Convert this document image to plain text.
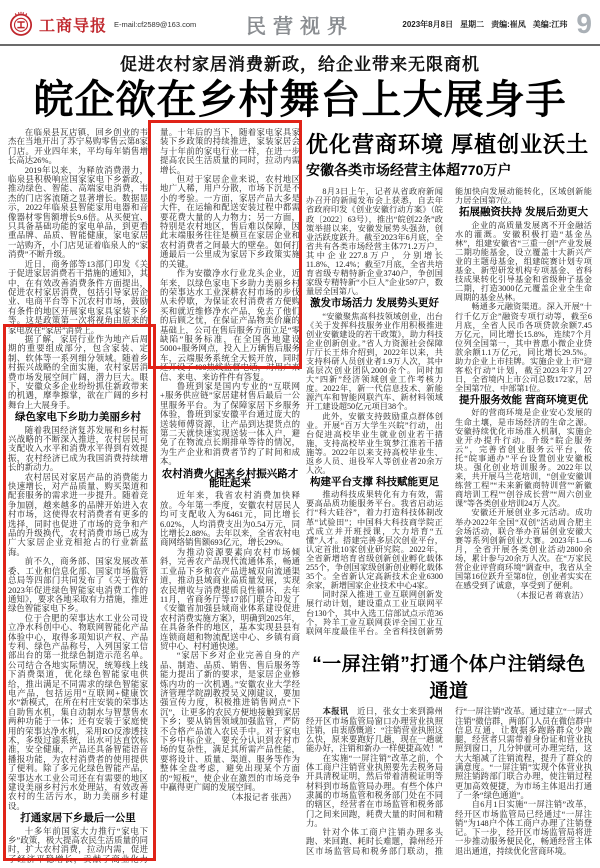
工商导报 E-mail:cf2589@163.com 民营视界	2023年8月8日 星期二 责编:崔凤 美编:江玮 9
促进农村家居消费新政，给企业带来无限商机
皖企欲在乡村舞台上大展身手

在临泉县瓦店镇，回乡创业的韦杰在当地开出了苏宁易购零售云第8家门店。开业四年来，平均每年销售增长高达26%。

2019年以来，为释放消费潜力，临泉县积极响应国家家电下乡新政，推动绿色、智能、高端家电消费，韦杰的门店客流随之显著增长。数据显示，2022年临泉县智能家用电器和音像器材零售额增长9.6倍。从买便宜、只具备基础功能的家电单品，到更看重品牌、品质、智能健康，家电家居一站购齐，小门店见证着临泉人的“家消费”不断升级。

近日，商务部等13部门印发《关于促进家居消费若干措施的通知》，其中，在有效改善消费条件方面提出，促进农村家居消费，包括引导家居企业、电商平台等下沉农村市场，鼓励有条件的地区开展家电家具家装下乡等。这是政策第一次将视角由原来的家电放在“家居”消费上。

据了解，家居行业作为地产后周期的重要组成部分，包含家装、定制、软体等一系列细分领域。随着乡村振兴战略的全面实施，农村家居消费市场发展空间广阔，潜力巨大。眼下，安徽众多企业纷纷抓住新政带来的机遇，摩拳擦掌，欲在广阔的乡村舞台上大展身手。

绿色家电下乡助力美丽乡村

随着我国经济复苏发展和乡村振兴战略的不断深入推进，农村居民可支配收入水平和消费水平得到有效提振，农村经济已成为我国消费持续增长的新动力。

农村居民对家居产品的消费能力快速增长，对产品质量、购买渠道和配套服务的需求进一步提升。随着竞争加剧，越来越多的品牌开始进入农村市场，这使得农村消费者有更多的选择，同时也促进了市场的竞争和产品的升级换代，农村消费市场已成为广大家居企业竞相抢占的行业新蓝海。

前不久，商务部、国家发展改革委、工业和信息化部、国家市场监管总局等四部门共同发布了《关于做好2023年促进绿色智能家电消费工作的通知》，要求各地采取有力措施，推进绿色智能家电下乡。

位于合肥的荣事达水工业公司设立净水科创中心、物联网智能化产品体验中心，取得多项知识产权、产品专利、绿色产品称号，入列国家工信部出台的第一批绿色制造示范名单。公司结合各地实际情况，统筹线上线下消费渠道，优化绿色智能家电供给，推出满足不同需求的绿色智能家电产品，包括运用“互联网+健康饮水”新模式，在所在村庄安装的荣事达自助售水机，集自动制水与智慧售水两种功能于一体；还有安装于家庭使用的荣事达净水机，采用RO反渗透技术，多级过滤系统，出水可达直饮标准，安全健康，产品还具备智能语音播报功能，为农村消费者的使用提供了便利。除了多元化绿色智能产品，荣事达水工业公司还在有需要的地区建设美丽乡村污水处理站，有效改善农村的生活污水，助力美丽乡村建设。

打通家居下乡最后一公里

十多年前国家大力推行“家电下乡”政策，极大提高农民生活质量的同时，扩大农村消费，拉动内需，促进了经济平稳增长，贡献了商业化力量。十年后的当下，随着家电家具家装下乡政策的持续推进，家装家居会与十年前的家电行业一样，在进一步提高农民生活质量的同时，拉动内需增长。

但对于家居企业来说，农村地区地广人稀，用户分散，市场下沉是不小的考验。一方面，家居产品大多是大件，在运输和配送安装过程中都需要花费大量的人力物力；另一方面，特别是农村地区，售后难以保障，因此末端服务往往是横亘在家居企业和农村消费者之间最大的壁垒。如何打通最后一公里成为家居下乡政策实施的关键。

作为安徽净水行业龙头企业，近年来，以绿色家电下乡助力美丽乡村的荣事达水工业深耕农村市场的步伐从未停歇，为保证农村消费者方便购买和就近维修净水产品，免去了他们的后顾之忧，在保证产品物美价廉的基础上，公司在售后服务方面立足“零缺陷”服务标准，在全国各地建设5000+服务网点，投入上万辆售后服务车，云端服务系统全天候开放，同时还开设了400热线监督电话，对用户来信、来电、来访件件有答复。

鲁班到家是国内专业的“互联网+服务供应链”家居建材售后最后一公里服务平台。为了保障家居下乡服务体验，鲁班到家安徽平台通过庞大的送装师傅资源，让产品到达提货点的第二天就快速实现送装一体入户，避免了在物流点长期排单等待的情况，为生产企业和消费者节约了时间和成本。

农村消费火起来乡村振兴路才能旺起来

近年来，我省农村消费加快释放。今年第一季度，安徽农村居民人均可支配收入为6461元，同比增长6.02%，人均消费支出为0.54万元，同比增长2.88%。去年以来，全省农村电商网络销售额693亿元，增长29%。

为推动资源要素向农村市场倾斜，完善农产品现代流通体系，畅通工业品下乡和农产品进城双向流通渠道，推动县域商业高质量发展，实现农民增收与消费提质良性循环，去年11月，省商务厅等17部门联合印发了《安徽省加强县域商业体系建设促进农村消费实施方案》，明确到2025年，在具备条件的地区，基本实现县县有连锁商超和物流配送中心、乡镇有商贸中心、村村通快递。

“家居下乡对企业完善自身的产品、制造、品质、销售、售后服务等能力提出了新的要求，是家居企业修炼内功的一次机遇。”安徽农业大学经济管理学院副教授吴义刚建议，要加强宣传力度，积极推进销售网点“下沉”，让更多的农民方便地接触到家居下乡；要从销售领域加强监管，严防不合格产品流入农民手中。对于家电下乡中标企业，要充分认识到农村市场的复杂性，满足其所需产品性能，要将设计、质量、渠道、服务等作为整体全盘考虑，避免出现某个方面的“短板”，使企业在激烈的市场竞争中赢得更广阔的发展空间。

（本报记者 张茜）

优化营商环境 厚植创业沃土
安徽各类市场经营主体超770万户

8月3日上午，记者从省政府新闻办召开的新闻发布会上获悉，自去年省政府印发《创业安徽行动方案》（皖政〔2022〕63号），推出“皖创22条”政策举措以来，安徽发展势头强劲，创业活跃度跃升。截至2023年6月底，全省共有各类市场经营主体771.2万户，其中企业227.8万户，分别增长11.8%、12.4%；截至7月底，全省共培育省级专精特新企业3740户，争创国家级专精特新“小巨人”企业597户，数量居全国第八。

激发市场活力 发展势头更好

“安徽聚焦高科技领域创业，出台《关于发挥科技服务业作用积极推进创业安徽建设的若干政策》，助力科技企业创新创业。”省人力资源社会保障厅厅长王炜介绍到，2022年以来，共支持科研人员创业者1.9万人次，其中高层次创业团队2000余个。同时加大“四新”经济领域创业工作考核力度。2022年，新一代信息技术、新能源汽车和智能网联汽车、新材料领域开工建设超50亿元项目38个。

此外，安徽支持鼓励重点群体创业。开展“百万大学生兴皖”行动，出台促进高校毕业生就业创业若干措施，支持高校毕业生筑梦江淮若干措施等。2022年以来支持高校毕业生、返乡人员、退役军人等创业者20余万人次。

构建平台支撑 科技赋能更足

推动科技成果转化有力有效，需要高品质功能服务平台。我省启动运行“科大硅谷”，着力打造科技体制改革“试验田”；中国科大科技商学院正式成立并开班授课，大力培育“五懂”人才。搭建完善多层次创业平台，认定首批10家创业研究院。2022年，全省新增培育省级创新创业孵化载体255个，争创国家级创新创业孵化载体35个。全省新认定高新技术企业6300余家，新增国家企业技术中心4家。

同时深入推进工业互联网创新发展行动计划，建设重点工业互联网平台130个，其中入选工信部试点示范36个，羚羊工业互联网获评全国工业互联网年度最佳平台。全省科技创新势能加快向发展动能转化，区域创新能力居全国第7位。

拓展融资扶持 发展后劲更大

企业的高质量发展离不开金融活水的灌溉。安徽积极打造“基金丛林”，组建安徽省“三重一创”产业发展二期功能基金，设立覆盖十大新兴产业的主题母基金，组建皖赛计划专项基金、新型研发机构专项基金、省科技成果转化引导基金和省级种子基金二期，打造3000亿元覆盖企业全生命周期的基金丛林。

畅通多元融资渠道。深入开展“十行千亿万企”融资专项行动等，截至6月底，全省人民币各项贷款余额7.45万亿元，同比增长15.8%，连续7个月位列全国第一，其中普惠小微企业贷款余额1.1万亿元，同比增长29.5%。助力企业上市挂牌。实施企业上市“迎客松行动”计划，截至2023年7月27日，全省境内上市公司总数172家，居全国第7位、中部第1位。

提升服务效能 营商环境更优

好的营商环境是企业安心发展的生命土壤，是市场经济的生命之源。安徽持续优化市场准入机制，实施企业开办提升行动。升级“皖企服务云”，完善省创业服务云平台，依托“皖事通办”平台设置创业安徽板块。强化创业培训服务。2022年以来，共开展马兰花培训，“创业安徽训练营工程”“未来新徽商特训营”“新徽商培训工程”“创谷成长营”“周六创业课”等各类创业培训24万人次。

安徽还开展创业多元活动。成功举办2022年全国“双创”活动周合肥主会场活动，联合举办首届创业安徽大赛等系列创新创业大赛。2023年1—6月，全省开展各类创业活动2800余场，累计参与20余万人次。在“万家民营企业评营商环境”调查中，我省从全国第16位跃升至第8位，创业者实实在在感受到了诚意，享受到了便利。

（本报记者 蒋袁洁）

“一屏注销”打通个体户注销绿色通道

本报讯　近日，张女士来到滁州经开区市场监管局窗口办理营业执照注销，由衷感慨道：“注销营业执照这么快，原来要跑好几趟，现在一趟就能办好，注销和新办一样便捷高效！”

在实施“一屏注销”改革之前，个体工商户注销营业执照要先去税务局开具清税证明，然后带着清税证明等材料到市场监管局办理。有些个体户隶属的市场监管和税务部门处在不同的辖区，经营者在市场监管和税务部门之间来回跑，耗费大量的时间和精力。

针对个体工商户注销办理多头跑、来回跑、耗时长难题，滁州经开区市场监管局和税务部门联动，推行“一屏注销”改革。通过建立“一屏式注销”微信群，两部门人员在微信群中信息互通，让数据多跑路群众少跑腿，经营者只需带着身份证和营业执照到窗口，几分钟就可办理完结，这大大缩减了注销流程，提升了群众的满意度。“一屏注销”实现个体营业执照注销跨部门联合办理，使注销过程更加高效便捷，为市场主体退出打通了一条“绿色通道”。

自6月1日实施“一屏注销”改革，经开区市场监管局已经通过“一屏注销”为148户个体工商户办理了注销登记。下一步，经开区市场监管局将进一步推动服务便民化，畅通经营主体退出通道，持续优化营商环境。
